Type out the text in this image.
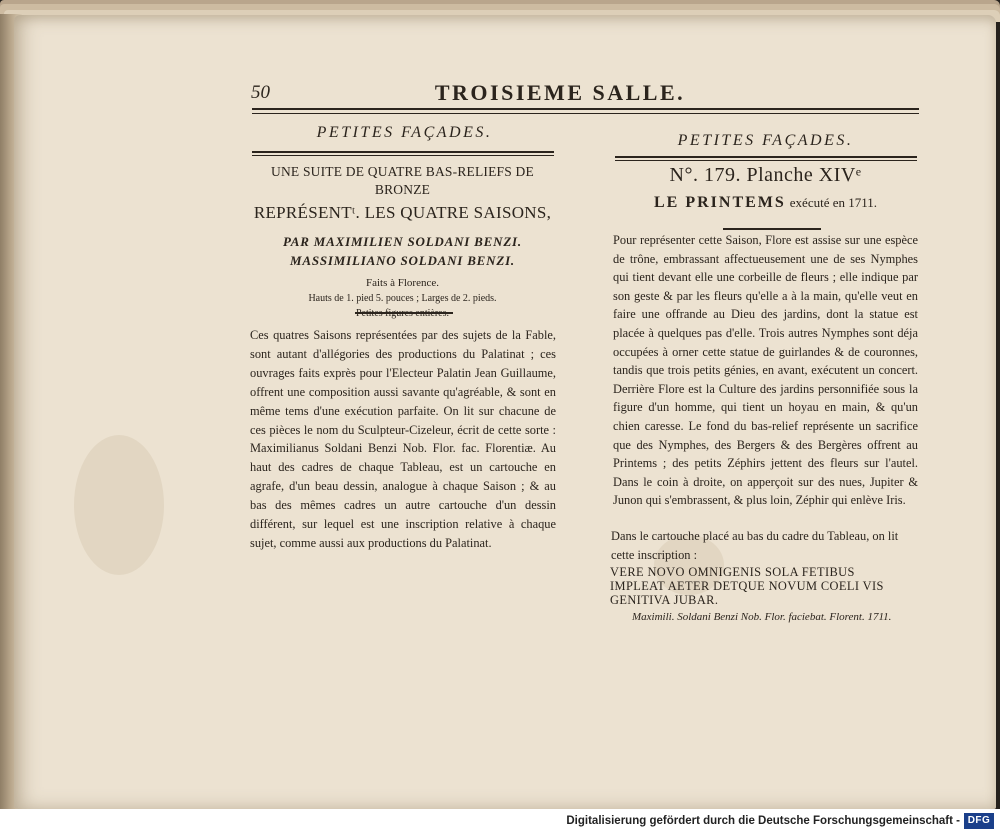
50	TROISIEME SALLE.
PETITES FAÇADES.

UNE SUITE DE QUATRE BAS-RELIEFS DE BRONZE

REPRÉSENTᵗ. LES QUATRE SAISONS,

PAR MAXIMILIEN SOLDANI BENZI.

MASSIMILIANO SOLDANI BENZI.

Faits à Florence.

Hauts de 1. pied 5. pouces ; Larges de 2. pieds.

Ces quatres Saisons représentées par des sujets de la Fable, sont autant d'allégories des productions du Palatinat ; ces ouvrages faits exprès pour l'Electeur Palatin Jean Guillaume, offrent une composition aussi savante qu'agréable, & sont en même tems d'une exécution parfaite. On lit sur chacune de ces pièces le nom du Sculpteur-Cizeleur, écrit de cette sorte : Maximilianus Soldani Benzi Nob. Flor. fac. Florentiæ. Au haut des cadres de chaque Tableau, est un cartouche en agrafe, d'un beau dessin, analogue à chaque Saison ; & au bas des mêmes cadres un autre cartouche d'un dessin différent, sur lequel est une inscription relative à chaque sujet, comme aussi aux productions du Palatinat.

PETITES FAÇADES.

N°. 179. Planche XIVᵉ

LE PRINTEMS exécuté en 1711.

Pour représenter cette Saison, Flore est assise sur une espèce de trône, embrassant affectueusement une de ses Nymphes qui tient devant elle une corbeille de fleurs ; elle indique par son geste & par les fleurs qu'elle a à la main, qu'elle veut en faire une offrande au Dieu des jardins, dont la statue est placée à quelques pas d'elle. Trois autres Nymphes sont déja occupées à orner cette statue de guirlandes & de couronnes, tandis que trois petits génies, en avant, exécutent un concert. Derrière Flore est la Culture des jardins personnifiée sous la figure d'un homme, qui tient un hoyau en main, & qu'un chien caresse. Le fond du bas-relief représente un sacrifice que des Nymphes, des Bergers & des Bergères offrent au Printems ; des petits Zéphirs jettent des fleurs sur l'autel. Dans le coin à droite, on apperçoit sur des nues, Jupiter & Junon qui s'embrassent, & plus loin, Zéphir qui enlève Iris.

Dans le cartouche placé au bas du cadre du Tableau, on lit cette inscription :

VERE NOVO OMNIGENIS SOLA FETIBUS
IMPLEAT AETER DETQUE NOVUM COELI VIS
GENITIVA JUBAR.

Maximili. Soldani Benzi Nob. Flor. faciebat. Florent. 1711.

Digitalisierung gefördert durch die Deutsche Forschungsgemeinschaft - DFG
